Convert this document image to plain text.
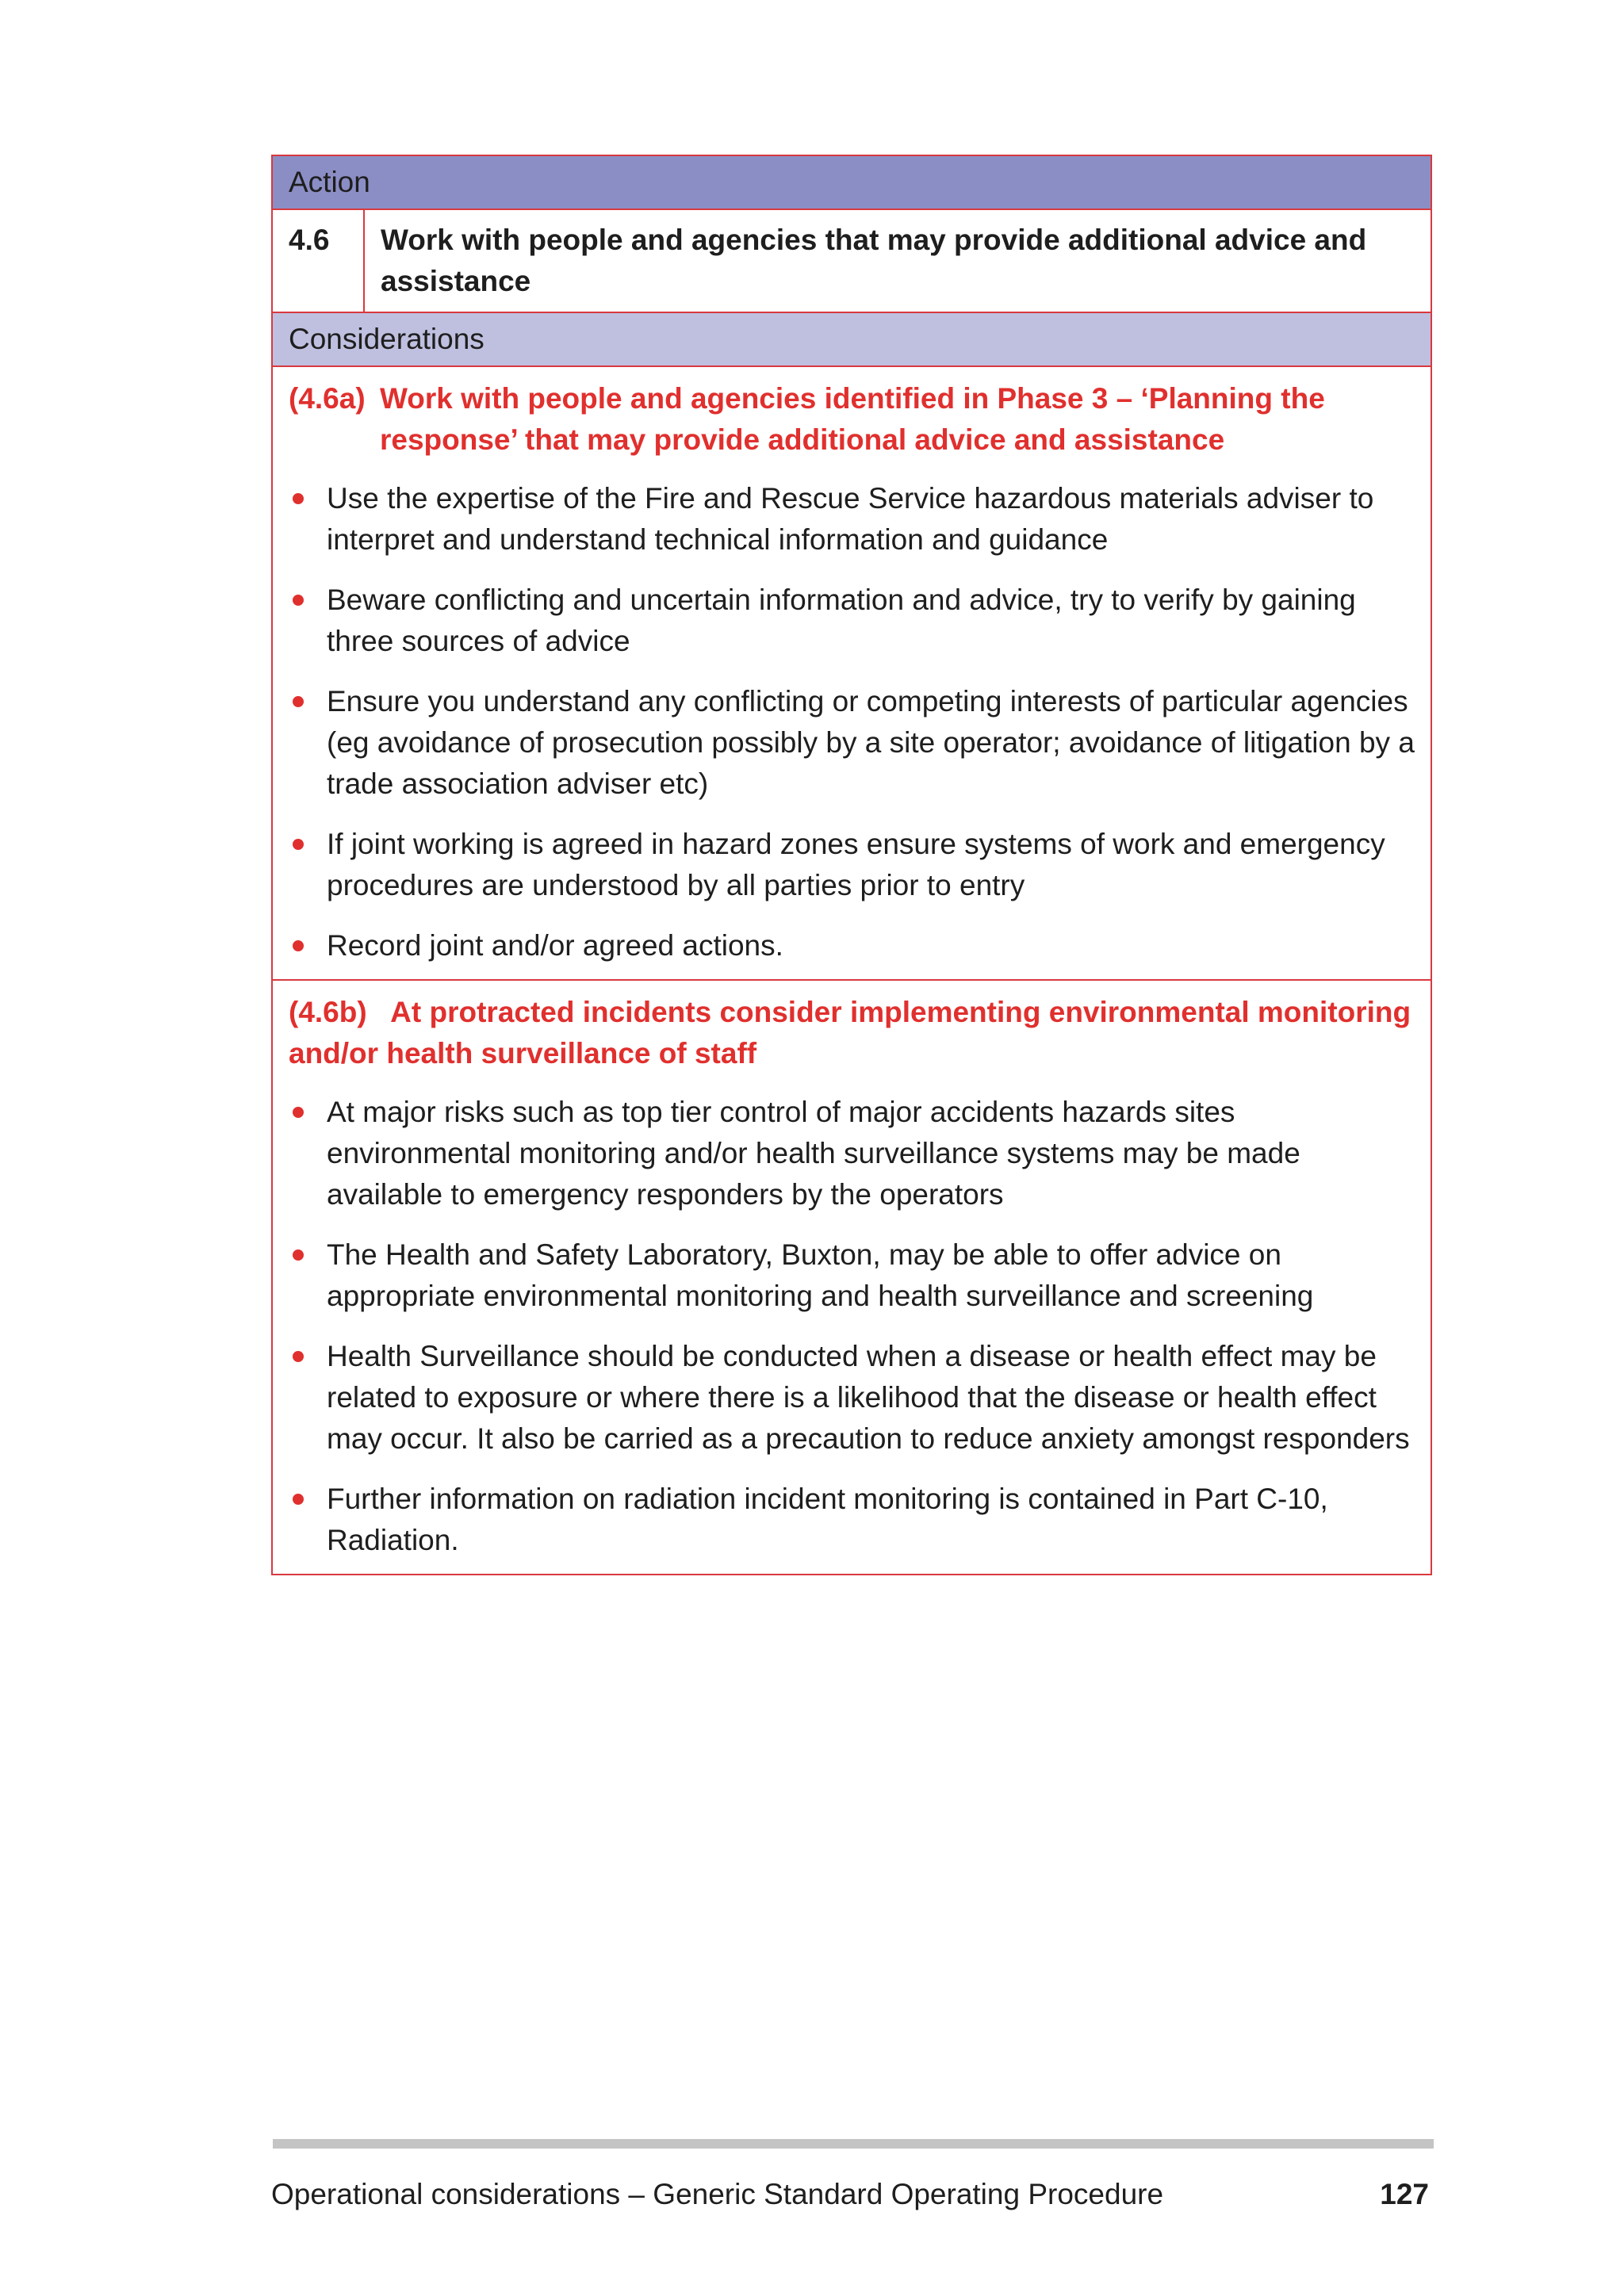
Action
4.6	Work with people and agencies that may provide additional advice and assistance
Considerations
(4.6a) Work with people and agencies identified in Phase 3 – ‘Planning the response’ that may provide additional advice and assistance
Use the expertise of the Fire and Rescue Service hazardous materials adviser to interpret and understand technical information and guidance
Beware conflicting and uncertain information and advice, try to verify by gaining three sources of advice
Ensure you understand any conflicting or competing interests of particular agencies (eg avoidance of prosecution possibly by a site operator; avoidance of litigation by a trade association adviser etc)
If joint working is agreed in hazard zones ensure systems of work and emergency procedures are understood by all parties prior to entry
Record joint and/or agreed actions.
(4.6b)   At protracted incidents consider implementing environmental monitoring and/or health surveillance of staff
At major risks such as top tier control of major accidents hazards sites environmental monitoring and/or health surveillance systems may be made available to emergency responders by the operators
The Health and Safety Laboratory, Buxton, may be able to offer advice on appropriate environmental monitoring and health surveillance and screening
Health Surveillance should be conducted when a disease or health effect may be related to exposure or where there is a likelihood that the disease or health effect may occur. It also be carried as a precaution to reduce anxiety amongst responders
Further information on radiation incident monitoring is contained in Part C-10, Radiation.
Operational considerations – Generic Standard Operating Procedure	127
